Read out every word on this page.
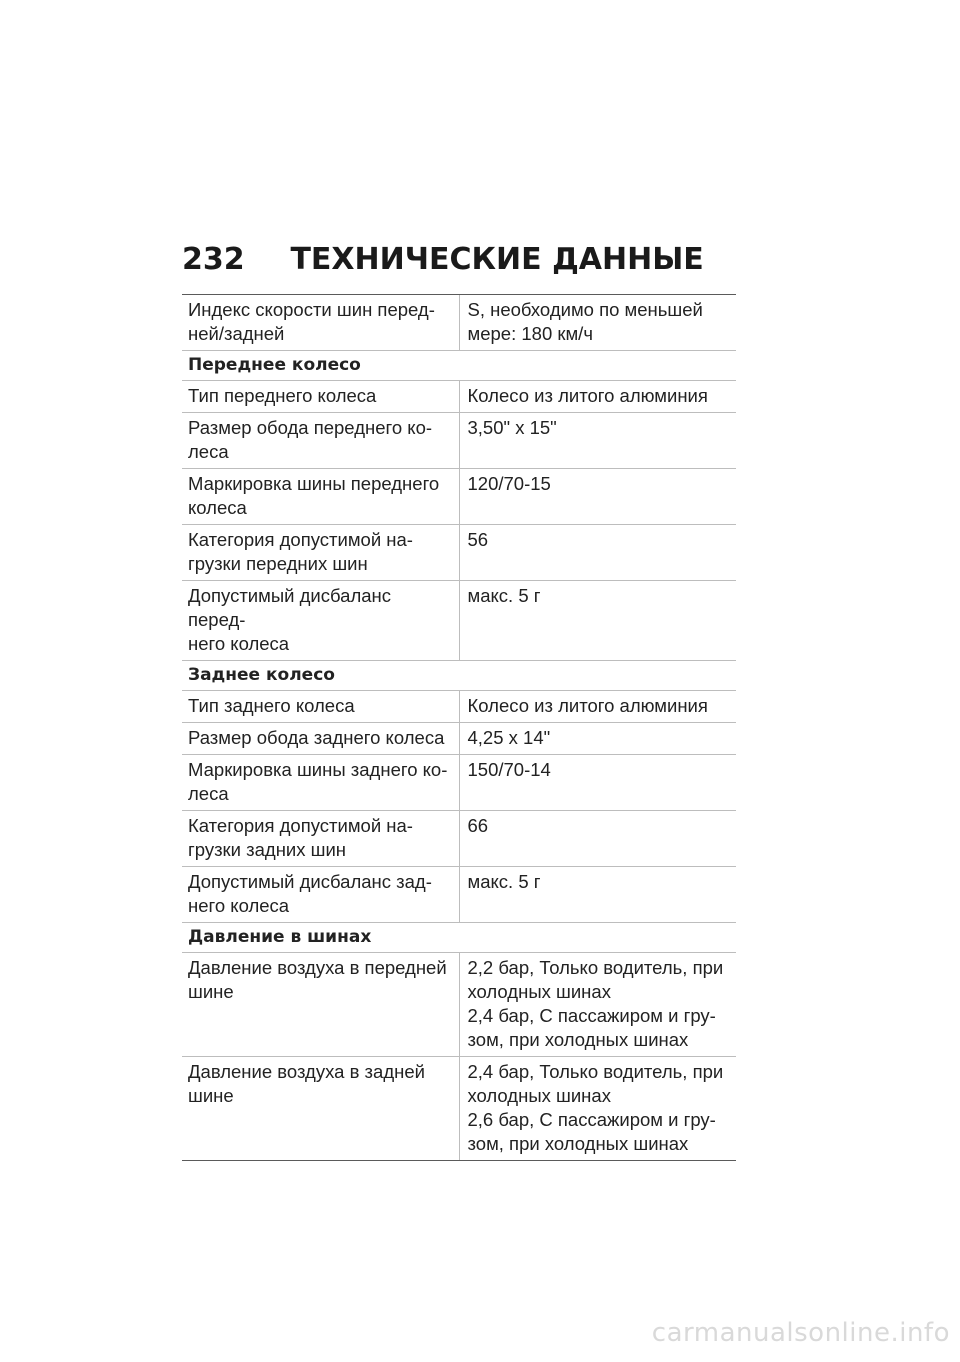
232 ТЕХНИЧЕСКИЕ ДАННЫЕ
Индекс скорости шин перед-
ней/задней	S, необходимо по меньшей
мере: 180 км/ч

Переднее колесо	

Тип переднего колеса	Колесо из литого алюминия

Размер обода переднего ко-
леса	3,50" x 15"

Маркировка шины переднего
колеса	120/70-15

Категория допустимой на-
грузки передних шин	56

Допустимый дисбаланс перед-
него колеса	макс. 5 г

Заднее колесо	

Тип заднего колеса	Колесо из литого алюминия

Размер обода заднего колеса	4,25 x 14"

Маркировка шины заднего ко-
леса	150/70-14

Категория допустимой на-
грузки задних шин	66

Допустимый дисбаланс зад-
него колеса	макс. 5 г

Давление в шинах	

Давление воздуха в передней
шине	2,2 бар, Только водитель, при
холодных шинах
2,4 бар, С пассажиром и гру-
зом, при холодных шинах

Давление воздуха в задней
шине	2,4 бар, Только водитель, при
холодных шинах
2,6 бар, С пассажиром и гру-
зом, при холодных шинах
carmanualsonline.info
